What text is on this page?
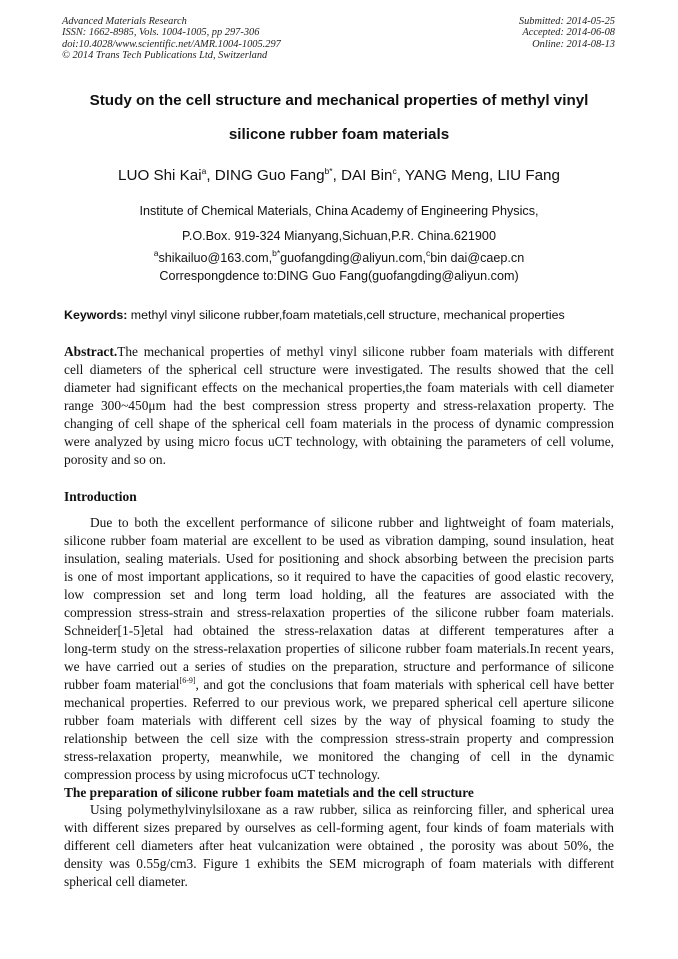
Advanced Materials Research
ISSN: 1662-8985, Vols. 1004-1005, pp 297-306
doi:10.4028/www.scientific.net/AMR.1004-1005.297
© 2014 Trans Tech Publications Ltd, Switzerland
Submitted: 2014-05-25
Accepted: 2014-06-08
Online: 2014-08-13
Study on the cell structure and mechanical properties of methyl vinyl
silicone rubber foam materials
LUO Shi Kai$^a$, DING Guo Fang$^{b*}$, DAI Bin$^c$, YANG Meng, LIU Fang
Institute of Chemical Materials, China Academy of Engineering Physics,
P.O.Box. 919-324 Mianyang,Sichuan,P.R. China.621900
$^a$shikailuo@163.com,$^{b*}$guofangding@aliyun.com,$^c$bin dai@caep.cn
Correspongdence to:DING Guo Fang(guofangding@aliyun.com)
Keywords: methyl vinyl silicone rubber,foam matetials,cell structure, mechanical properties
Abstract.The mechanical properties of methyl vinyl silicone rubber foam materials with different
cell diameters of the spherical cell structure were investigated. The results showed that the cell
diameter had significant effects on the mechanical properties,the foam materials with cell diameter
range 300~450μm had the best compression stress property and stress-relaxation property. The
changing of cell shape of the spherical cell foam materials in the process of dynamic compression
were analyzed by using micro focus uCT technology, with obtaining the parameters of cell volume,
porosity and so on.
Introduction
Due to both the excellent performance of silicone rubber and lightweight of foam materials,
silicone rubber foam material are excellent to be used as vibration damping, sound insulation, heat
insulation, sealing materials. Used for positioning and shock absorbing between the precision parts
is one of most important applications, so it required to have the capacities of good elastic recovery,
low compression set and long term load holding, all the features are associated with the
compression stress-strain and stress-relaxation properties of the silicone rubber foam materials.
Schneider[1-5]etal had obtained the stress-relaxation datas at different temperatures after a
long-term study on the stress-relaxation properties of silicone rubber foam materials.In recent years,
we have carried out a series of studies on the preparation, structure and performance of silicone
rubber foam material[6-9], and got the conclusions that foam materials with spherical cell have better
mechanical properties. Referred to our previous work, we prepared spherical cell aperture silicone
rubber foam materials with different cell sizes by the way of physical foaming to study the
relationship between the cell size with the compression stress-strain property and compression
stress-relaxation property, meanwhile, we monitored the changing of cell in the dynamic
compression process by using microfocus uCT technology.
The preparation of silicone rubber foam matetials and the cell structure
Using polymethylvinylsiloxane as a raw rubber, silica as reinforcing filler, and spherical urea
with different sizes prepared by ourselves as cell-forming agent, four kinds of foam materials with
different cell diameters after heat vulcanization were obtained , the porosity was about 50%, the
density was 0.55g/cm3. Figure 1 exhibits the SEM micrograph of foam materials with different
spherical cell diameter.
